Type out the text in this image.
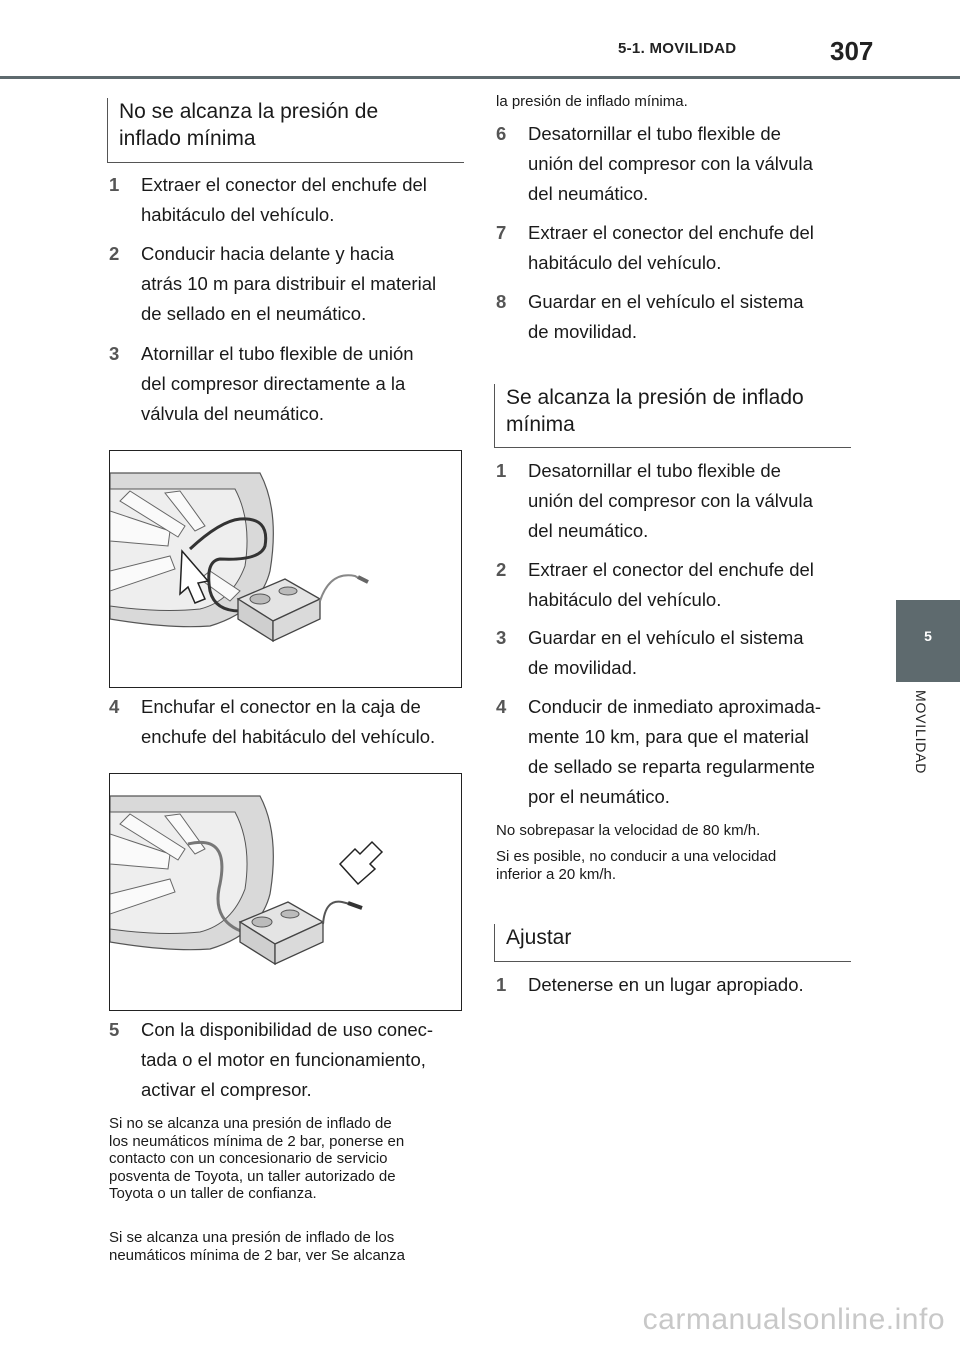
5-1. MOVILIDAD	307
5
MOVILIDAD
No se alcanza la presión de
inflado mínima
1 Extraer el conector del enchufe del
habitáculo del vehículo.
2 Conducir hacia delante y hacia
atrás 10 m para distribuir el material
de sellado en el neumático.
3 Atornillar el tubo flexible de unión
del compresor directamente a la
válvula del neumático.
4 Enchufar el conector en la caja de
enchufe del habitáculo del vehículo.
5 Con la disponibilidad de uso conec-
tada o el motor en funcionamiento,
activar el compresor.
Si no se alcanza una presión de inflado de
los neumáticos mínima de 2 bar, ponerse en
contacto con un concesionario de servicio
posventa de Toyota, un taller autorizado de
Toyota o un taller de confianza.
Si se alcanza una presión de inflado de los
neumáticos mínima de 2 bar, ver Se alcanza
la presión de inflado mínima.
6 Desatornillar el tubo flexible de
unión del compresor con la válvula
del neumático.
7 Extraer el conector del enchufe del
habitáculo del vehículo.
8 Guardar en el vehículo el sistema
de movilidad.
Se alcanza la presión de inflado
mínima
1 Desatornillar el tubo flexible de
unión del compresor con la válvula
del neumático.
2 Extraer el conector del enchufe del
habitáculo del vehículo.
3 Guardar en el vehículo el sistema
de movilidad.
4 Conducir de inmediato aproximada-
mente 10 km, para que el material
de sellado se reparta regularmente
por el neumático.
No sobrepasar la velocidad de 80 km/h.
Si es posible, no conducir a una velocidad
inferior a 20 km/h.
Ajustar
1 Detenerse en un lugar apropiado.
carmanualsonline.info
